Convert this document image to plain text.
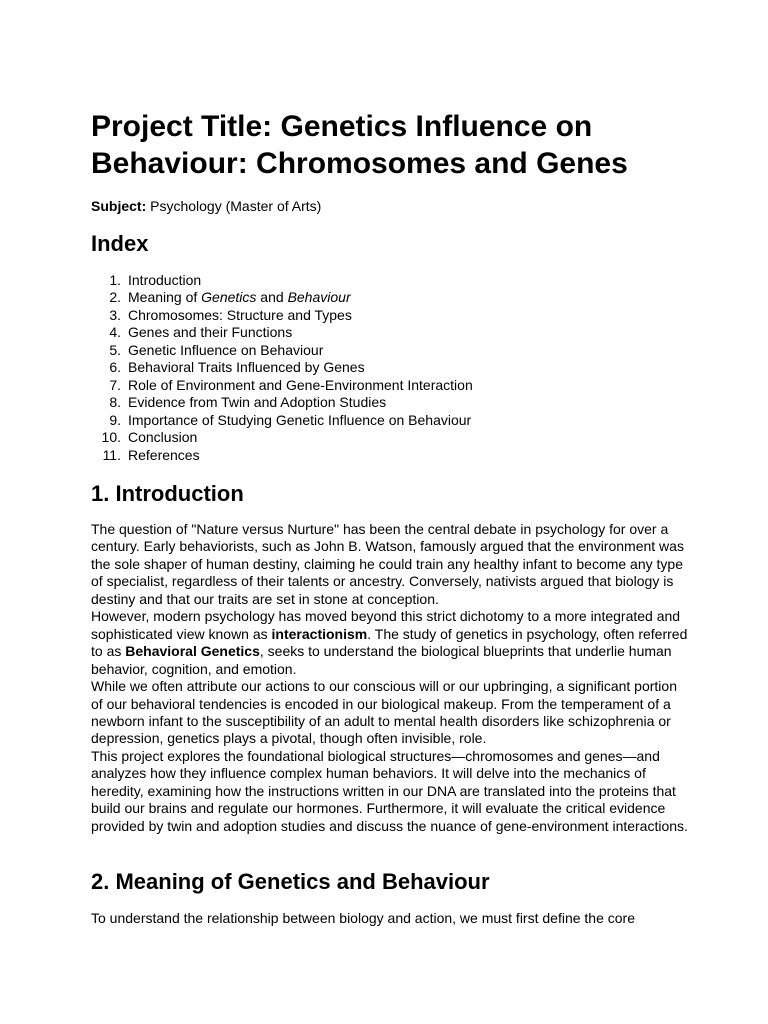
Project Title: Genetics Influence on Behaviour: Chromosomes and Genes

Subject: Psychology (Master of Arts)

Index
1. Introduction
2. Meaning of Genetics and Behaviour
3. Chromosomes: Structure and Types
4. Genes and their Functions
5. Genetic Influence on Behaviour
6. Behavioral Traits Influenced by Genes
7. Role of Environment and Gene-Environment Interaction
8. Evidence from Twin and Adoption Studies
9. Importance of Studying Genetic Influence on Behaviour
10. Conclusion
11. References
1. Introduction

The question of "Nature versus Nurture" has been the central debate in psychology for over a century. Early behaviorists, such as John B. Watson, famously argued that the environment was the sole shaper of human destiny, claiming he could train any healthy infant to become any type of specialist, regardless of their talents or ancestry. Conversely, nativists argued that biology is destiny and that our traits are set in stone at conception.

However, modern psychology has moved beyond this strict dichotomy to a more integrated and sophisticated view known as interactionism. The study of genetics in psychology, often referred to as Behavioral Genetics, seeks to understand the biological blueprints that underlie human behavior, cognition, and emotion.

While we often attribute our actions to our conscious will or our upbringing, a significant portion of our behavioral tendencies is encoded in our biological makeup. From the temperament of a newborn infant to the susceptibility of an adult to mental health disorders like schizophrenia or depression, genetics plays a pivotal, though often invisible, role.

This project explores the foundational biological structures—chromosomes and genes—and analyzes how they influence complex human behaviors. It will delve into the mechanics of heredity, examining how the instructions written in our DNA are translated into the proteins that build our brains and regulate our hormones. Furthermore, it will evaluate the critical evidence provided by twin and adoption studies and discuss the nuance of gene-environment interactions.

2. Meaning of Genetics and Behaviour

To understand the relationship between biology and action, we must first define the core
